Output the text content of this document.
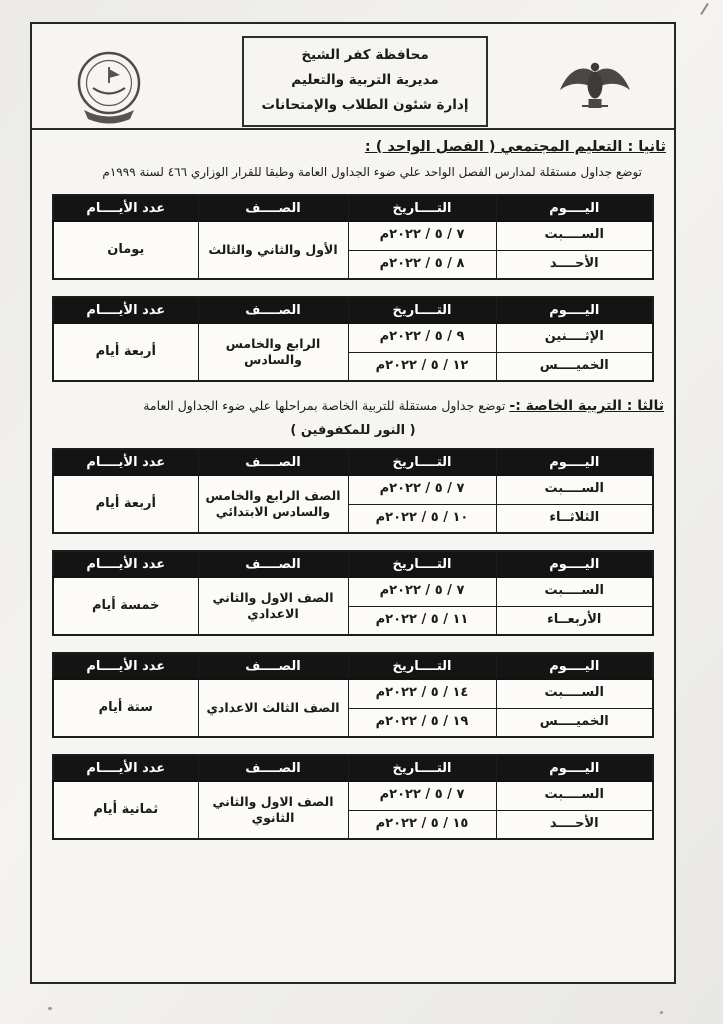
محافظة كفر الشيخ
مديرية التربية والتعليم
إدارة شئون الطلاب والإمتحانات
ثانيا : التعليم المجتمعي ( الفصل الواحد ) :
توضع جداول مستقلة لمدارس الفصل الواحد علي ضوء الجداول العامة وطبقا للقرار الوزاري ٤٦٦ لسنة ١٩٩٩م
اليــــوم	التــــاريخ	الصــــف	عدد الأيــــام
الســــبت	٧ / ٥ / ٢٠٢٢م	الأول والثاني والثالث	يومان
الأحــــد	٨ / ٥ / ٢٠٢٢م		
اليــــوم	التــــاريخ	الصــــف	عدد الأيــــام
الإثــــنين	٩ / ٥ / ٢٠٢٢م	الرابع والخامس والسادس	أربعة أيام
الخميــــس	١٢ / ٥ / ٢٠٢٢م		
ثالثا : التربية الخاصة :- توضع جداول مستقلة للتربية الخاصة بمراحلها علي ضوء الجداول العامة
( النور للمكفوفين )
اليــــوم	التــــاريخ	الصــــف	عدد الأيــــام
الســــبت	٧ / ٥ / ٢٠٢٢م	الصف الرابع والخامس والسادس الابتدائي	أربعة أيام
الثلاثــاء	١٠ / ٥ / ٢٠٢٢م		
اليــــوم	التــــاريخ	الصــــف	عدد الأيــــام
الســــبت	٧ / ٥ / ٢٠٢٢م	الصف الاول والثاني الاعدادي	خمسة أيام
الأربعــاء	١١ / ٥ / ٢٠٢٢م		
اليــــوم	التــــاريخ	الصــــف	عدد الأيــــام
الســــبت	١٤ / ٥ / ٢٠٢٢م	الصف الثالث الاعدادي	ستة أيام
الخميــــس	١٩ / ٥ / ٢٠٢٢م		
اليــــوم	التــــاريخ	الصــــف	عدد الأيــــام
الســــبت	٧ / ٥ / ٢٠٢٢م	الصف الاول والثاني الثانوي	ثمانية أيام
الأحــــد	١٥ / ٥ / ٢٠٢٢م		
